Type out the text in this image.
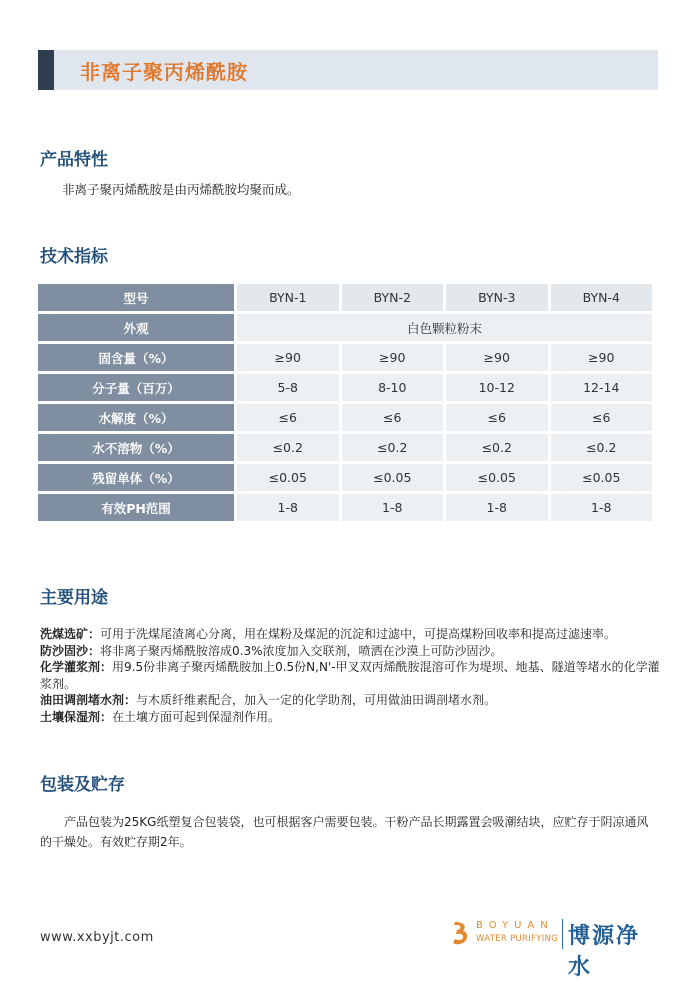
非离子聚丙烯酰胺
产品特性
非离子聚丙烯酰胺是由丙烯酰胺均聚而成。
技术指标
型号	BYN-1	BYN-2	BYN-3	BYN-4
外观	白色颗粒粉末			
固含量（%）	≥90	≥90	≥90	≥90
分子量（百万）	5-8	8-10	10-12	12-14
水解度（%）	≤6	≤6	≤6	≤6
水不溶物（%）	≤0.2	≤0.2	≤0.2	≤0.2
残留单体（%）	≤0.05	≤0.05	≤0.05	≤0.05
有效PH范围	1-8	1-8	1-8	1-8
主要用途
洗煤选矿：可用于洗煤尾渣离心分离，用在煤粉及煤泥的沉淀和过滤中，可提高煤粉回收率和提高过滤速率。
防沙固沙：将非离子聚丙烯酰胺溶成0.3%浓度加入交联剂，喷洒在沙漠上可防沙固沙。
化学灌浆剂：用9.5份非离子聚丙烯酰胺加上0.5份N,N'-甲叉双丙烯酰胺混溶可作为堤坝、地基、隧道等堵水的化学灌浆剂。
油田调剖堵水剂：与木质纤维素配合，加入一定的化学助剂，可用做油田调剖堵水剂。
土壤保湿剂：在土壤方面可起到保湿剂作用。
包装及贮存
产品包装为25KG纸塑复合包装袋，也可根据客户需要包装。干粉产品长期露置会吸潮结块，应贮存于阴凉通风的干燥处。有效贮存期2年。
www.xxbyjt.com
BOYUAN
WATER PURIFYING 博源净水
